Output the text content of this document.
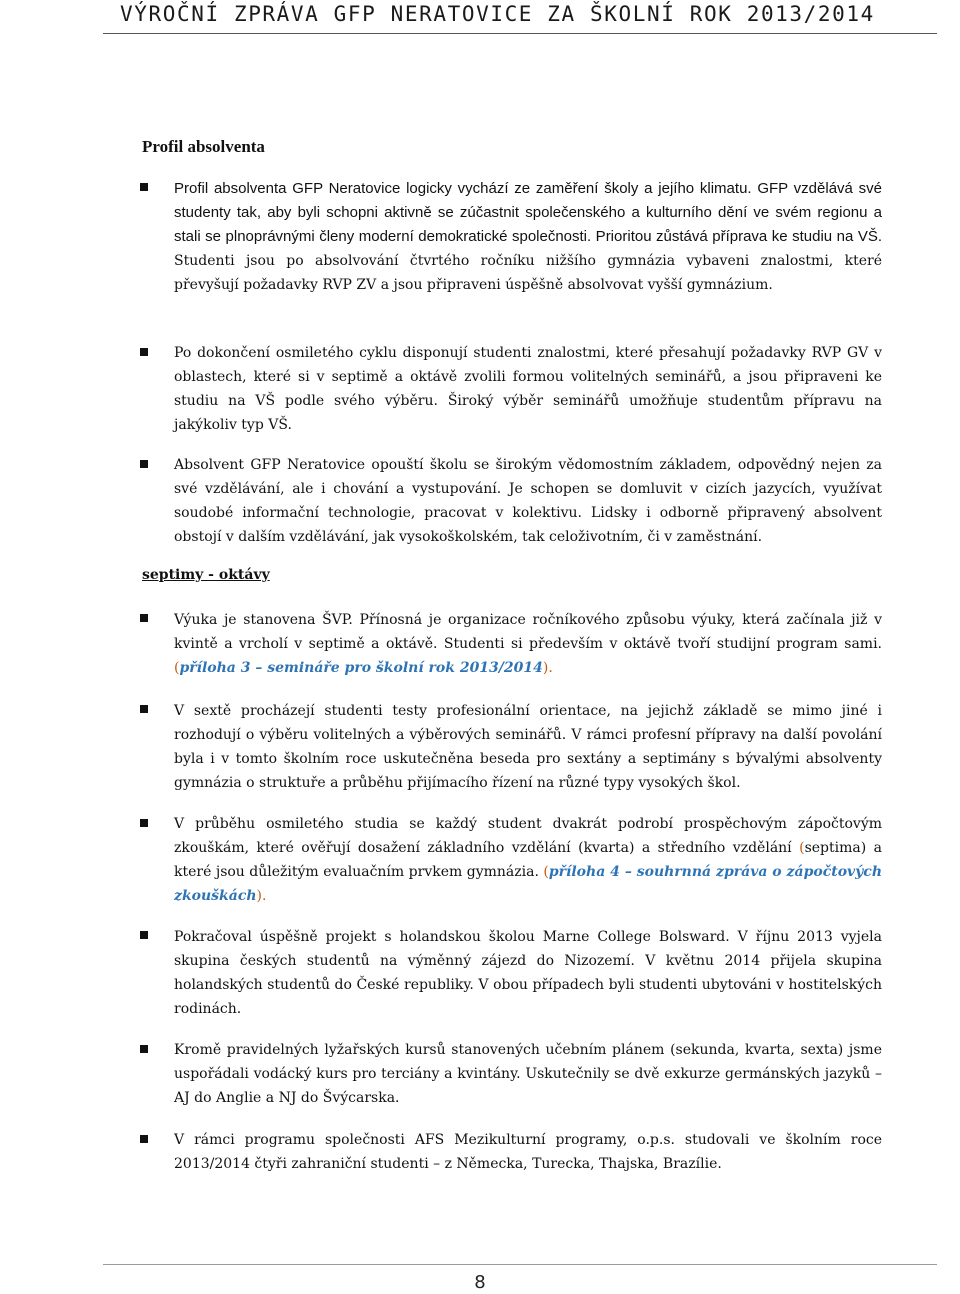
VÝROČNÍ ZPRÁVA GFP NERATOVICE ZA ŠKOLNÍ ROK 2013/2014
Profil absolventa
Profil absolventa GFP Neratovice logicky vychází ze zaměření školy a jejího klimatu. GFP vzdělává své studenty tak, aby byli schopni aktivně se zúčastnit společenského a kulturního dění ve svém regionu a stali se plnoprávnými členy moderní demokratické společnosti. Prioritou zůstává příprava ke studiu na VŠ. Studenti jsou po absolvování čtvrtého ročníku nižšího gymnázia vybaveni znalostmi, které převyšují požadavky RVP ZV a jsou připraveni úspěšně absolvovat vyšší gymnázium.
Po dokončení osmiletého cyklu disponují studenti znalostmi, které přesahují požadavky RVP GV v oblastech, které si v septimě a oktávě zvolili formou volitelných seminářů, a jsou připraveni ke studiu na VŠ podle svého výběru. Široký výběr seminářů umožňuje studentům přípravu na jakýkoliv typ VŠ.
Absolvent GFP Neratovice opouští školu se širokým vědomostním základem, odpovědný nejen za své vzdělávání, ale i chování a vystupování. Je schopen se domluvit v cizích jazycích, využívat soudobé informační technologie, pracovat v kolektivu. Lidsky i odborně připravený absolvent obstojí v dalším vzdělávání, jak vysokoškolském, tak celoživotním, či v zaměstnání.
septimy - oktávy
Výuka je stanovena ŠVP. Přínosná je organizace ročníkového způsobu výuky, která začínala již v kvintě a vrcholí v septimě a oktávě. Studenti si především v oktávě tvoří studijní program sami. (příloha 3 – semináře pro školní rok 2013/2014).
V sextě procházejí studenti testy profesionální orientace, na jejichž základě se mimo jiné i rozhodují o výběru volitelných a výběrových seminářů. V rámci profesní přípravy na další povolání byla i v tomto školním roce uskutečněna beseda pro sextány a septimány s bývalými absolventy gymnázia o struktuře a průběhu přijímacího řízení na různé typy vysokých škol.
V průběhu osmiletého studia se každý student dvakrát podrobí prospěchovým zápočtovým zkouškám, které ověřují dosažení základního vzdělání (kvarta) a středního vzdělání (septima) a které jsou důležitým evaluačním prvkem gymnázia. (příloha 4 – souhrnná zpráva o zápočtových zkouškách).
Pokračoval úspěšně projekt s holandskou školou Marne College Bolsward. V říjnu 2013 vyjela skupina českých studentů na výměnný zájezd do Nizozemí. V květnu 2014 přijela skupina holandských studentů do České republiky. V obou případech byli studenti ubytováni v hostitelských rodinách.
Kromě pravidelných lyžařských kursů stanovených učebním plánem (sekunda, kvarta, sexta) jsme uspořádali vodácký kurs pro terciány a kvintány. Uskutečnily se dvě exkurze germánských jazyků – AJ do Anglie a NJ do Švýcarska.
V rámci programu společnosti AFS Mezikulturní programy, o.p.s. studovali ve školním roce 2013/2014 čtyři zahraniční studenti – z Německa, Turecka, Thajska, Brazílie.
8
